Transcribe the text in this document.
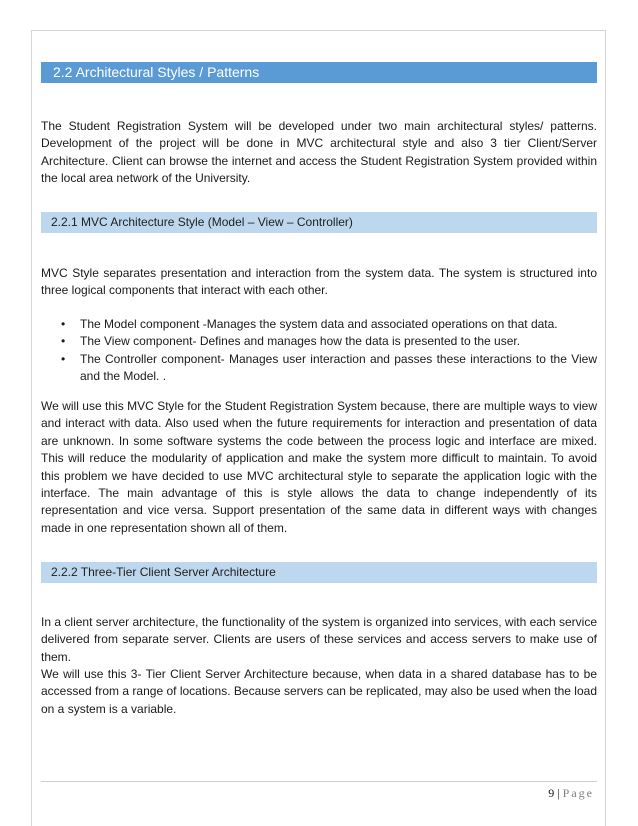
2.2 Architectural Styles / Patterns

The Student Registration System will be developed under two main architectural styles/ patterns. Development of the project will be done in MVC architectural style and also 3 tier Client/Server Architecture. Client can browse the internet and access the Student Registration System provided within the local area network of the University.

2.2.1 MVC Architecture Style (Model – View – Controller)

MVC Style separates presentation and interaction from the system data. The system is structured into three logical components that interact with each other.

• The Model component -Manages the system data and associated operations on that data.
• The View component- Defines and manages how the data is presented to the user.
• The Controller component- Manages user interaction and passes these interactions to the View and the Model. .

We will use this MVC Style for the Student Registration System because, there are multiple ways to view and interact with data. Also used when the future requirements for interaction and presentation of data are unknown. In some software systems the code between the process logic and interface are mixed. This will reduce the modularity of application and make the system more difficult to maintain. To avoid this problem we have decided to use MVC architectural style to separate the application logic with the interface. The main advantage of this is style allows the data to change independently of its representation and vice versa. Support presentation of the same data in different ways with changes made in one representation shown all of them.

2.2.2 Three-Tier Client Server Architecture

In a client server architecture, the functionality of the system is organized into services, with each service delivered from separate server. Clients are users of these services and access servers to make use of them.

We will use this 3- Tier Client Server Architecture because, when data in a shared database has to be accessed from a range of locations. Because servers can be replicated, may also be used when the load on a system is a variable.

9 | Page
